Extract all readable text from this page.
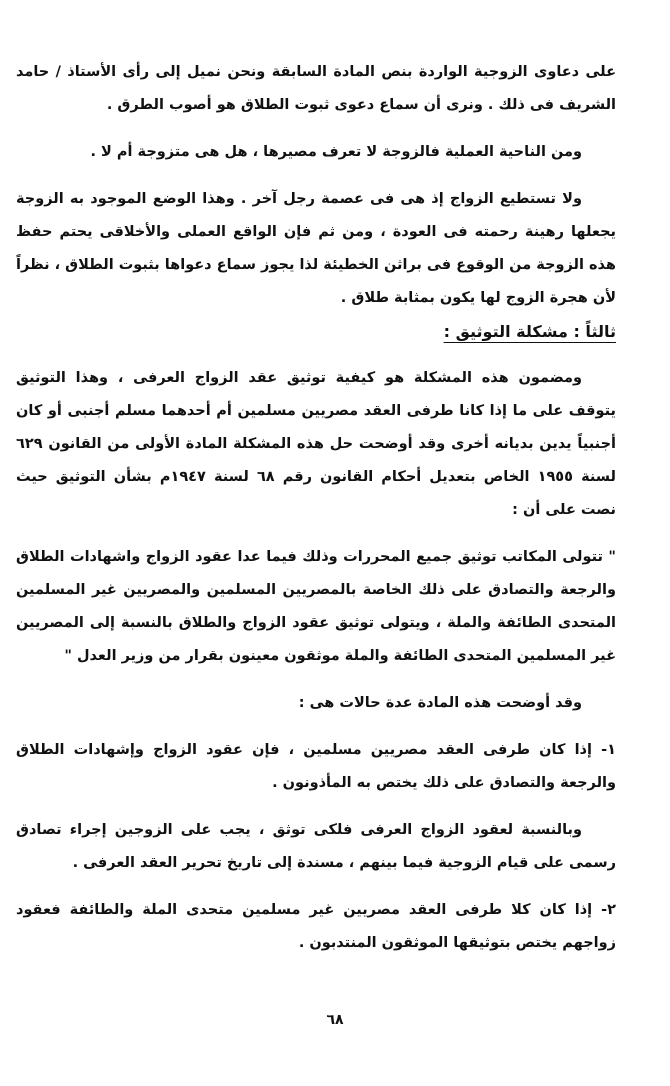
على دعاوى الزوجية الواردة بنص المادة السابقة ونحن نميل إلى رأى الأستاذ / حامد الشريف فى ذلك . ونرى أن سماع دعوى ثبوت الطلاق هو أصوب الطرق .

ومن الناحية العملية فالزوجة لا تعرف مصيرها ، هل هى متزوجة أم لا .

ولا تستطيع الزواج إذ هى فى عصمة رجل آخر . وهذا الوضع الموجود به الزوجة يجعلها رهينة رحمته فى العودة ، ومن ثم فإن الواقع العملى والأخلاقى يحتم حفظ هذه الزوجة من الوقوع فى براثن الخطيئة لذا يجوز سماع دعواها بثبوت الطلاق ، نظراً لأن هجرة الزوج لها يكون بمثابة طلاق .

ثالثاً : مشكلة التوثيق :

ومضمون هذه المشكلة هو كيفية توثيق عقد الزواج العرفى ، وهذا التوثيق يتوقف على ما إذا كانا طرفى العقد مصريين مسلمين أم أحدهما مسلم أجنبى أو كان أجنبياً يدين بديانه أخرى وقد أوضحت حل هذه المشكلة المادة الأولى من القانون ٦٢٩ لسنة ١٩٥٥ الخاص بتعديل أحكام القانون رقم ٦٨ لسنة ١٩٤٧م بشأن التوثيق حيث نصت على أن :

" تتولى المكاتب توثيق جميع المحررات وذلك فيما عدا عقود الزواج واشهادات الطلاق والرجعة والتصادق على ذلك الخاصة بالمصريين المسلمين والمصريين غير المسلمين المتحدى الطائفة والملة ، ويتولى توثيق عقود الزواج والطلاق بالنسبة إلى المصريين غير المسلمين المتحدى الطائفة والملة موثقون معينون بقرار من وزير العدل "

وقد أوضحت هذه المادة عدة حالات هى :

١- إذا كان طرفى العقد مصريين مسلمين ، فإن عقود الزواج وإشهادات الطلاق والرجعة والتصادق على ذلك يختص به المأذونون .

وبالنسبة لعقود الزواج العرفى فلكى توثق ، يجب على الزوجين إجراء تصادق رسمى على قيام الزوجية فيما بينهم ، مسندة إلى تاريخ تحرير العقد العرفى .

٢- إذا كان كلا طرفى العقد مصريين غير مسلمين متحدى الملة والطائفة فعقود زواجهم يختص بتوثيقها الموثقون المنتدبون .

٦٨
